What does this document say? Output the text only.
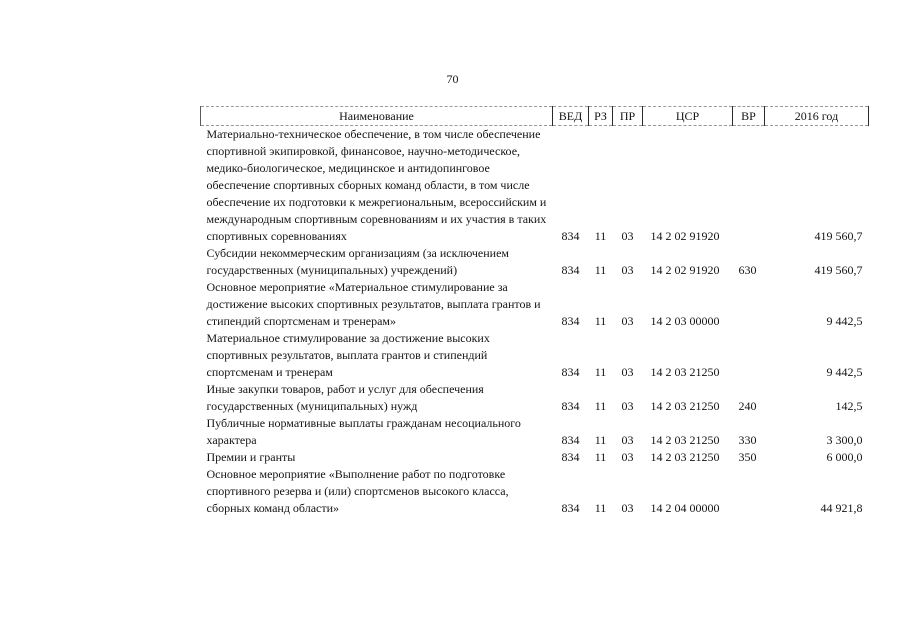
70
Наименование	ВЕД	РЗ	ПР	ЦСР	ВР	2016 год
Материально-техническое обеспечение, в том числе обеспечение спортивной экипировкой, финансовое, научно-методическое, медико-биологическое, медицинское и антидопинговое обеспечение спортивных сборных команд области, в том числе обеспечение их подготовки к межрегиональным, всероссийским и международным спортивным соревнованиям и их участия в таких спортивных соревнованиях	834	11	03	14 2 02 91920		419 560,7
Субсидии некоммерческим организациям (за исключением государственных (муниципальных) учреждений)	834	11	03	14 2 02 91920	630	419 560,7
Основное мероприятие «Материальное стимулирование за достижение высоких спортивных результатов, выплата грантов и стипендий спортсменам и тренерам»	834	11	03	14 2 03 00000		9 442,5
Материальное стимулирование за достижение высоких спортивных результатов, выплата грантов и стипендий спортсменам и тренерам	834	11	03	14 2 03 21250		9 442,5
Иные закупки товаров, работ и услуг для обеспечения государственных (муниципальных) нужд	834	11	03	14 2 03 21250	240	142,5
Публичные нормативные выплаты гражданам несоциального характера	834	11	03	14 2 03 21250	330	3 300,0
Премии и гранты	834	11	03	14 2 03 21250	350	6 000,0
Основное мероприятие «Выполнение работ по подготовке спортивного резерва и (или) спортсменов высокого класса, сборных команд области»	834	11	03	14 2 04 00000		44 921,8
